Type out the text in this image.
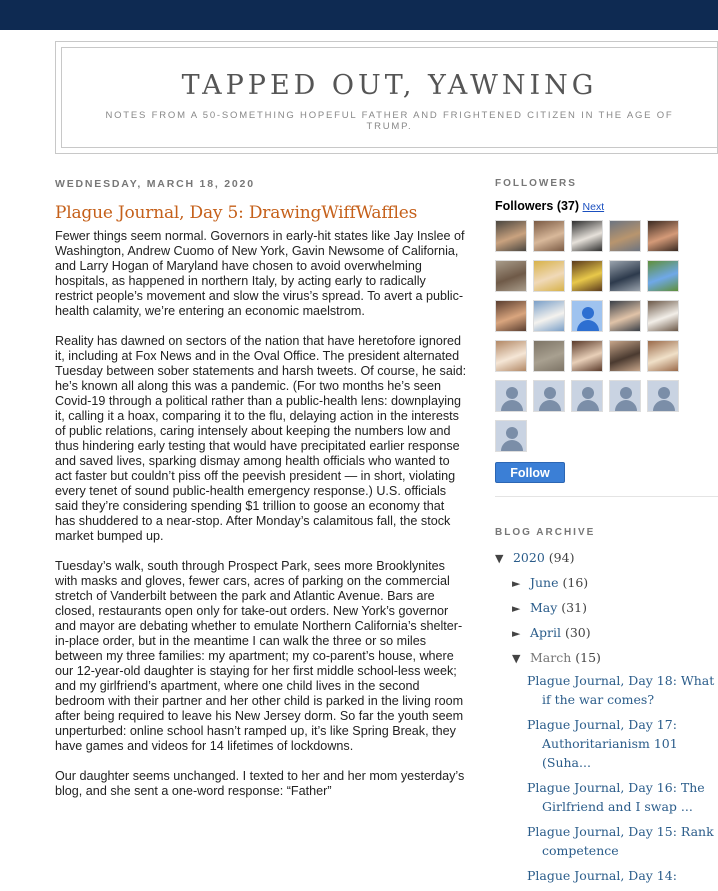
TAPPED OUT, YAWNING
NOTES FROM A 50-SOMETHING HOPEFUL FATHER AND FRIGHTENED CITIZEN IN THE AGE OF TRUMP.
WEDNESDAY, MARCH 18, 2020
Plague Journal, Day 5: DrawingWiffWaffles

Fewer things seem normal. Governors in early-hit states like Jay Inslee of Washington, Andrew Cuomo of New York, Gavin Newsome of California, and Larry Hogan of Maryland have chosen to avoid overwhelming hospitals, as happened in northern Italy, by acting early to radically restrict people’s movement and slow the virus’s spread. To avert a public-health calamity, we’re entering an economic maelstrom.

Reality has dawned on sectors of the nation that have heretofore ignored it, including at Fox News and in the Oval Office. The president alternated Tuesday between sober statements and harsh tweets. Of course, he said: he’s known all along this was a pandemic. (For two months he’s seen Covid-19 through a political rather than a public-health lens: downplaying it, calling it a hoax, comparing it to the flu, delaying action in the interests of public relations, caring intensely about keeping the numbers low and thus hindering early testing that would have precipitated earlier response and saved lives, sparking dismay among health officials who wanted to act faster but couldn’t piss off the peevish president — in short, violating every tenet of sound public-health emergency response.) U.S. officials said they’re considering spending $1 trillion to goose an economy that has shuddered to a near-stop. After Monday’s calamitous fall, the stock market bumped up.

Tuesday’s walk, south through Prospect Park, sees more Brooklynites with masks and gloves, fewer cars, acres of parking on the commercial stretch of Vanderbilt between the park and Atlantic Avenue. Bars are closed, restaurants open only for take-out orders. New York’s governor and mayor are debating whether to emulate Northern California’s shelter-in-place order, but in the meantime I can walk the three or so miles between my three families: my apartment; my co-parent’s house, where our 12-year-old daughter is staying for her first middle school-less week; and my girlfriend’s apartment, where one child lives in the second bedroom with their partner and her other child is parked in the living room after being required to leave his New Jersey dorm. So far the youth seem unperturbed: online school hasn’t ramped up, it’s like Spring Break, they have games and videos for 14 lifetimes of lockdowns.

Our daughter seems unchanged. I texted to her and her mom yesterday’s blog, and she sent a one-word response: “Father”

FOLLOWERS
Followers (37) Next
Follow
BLOG ARCHIVE
▼ 2020 (94)
► June (16)
► May (31)
► April (30)
▼ March (15)
Plague Journal, Day 18: What if the war comes?
Plague Journal, Day 17: Authoritarianism 101 (Suha...
Plague Journal, Day 16: The Girlfriend and I swap ...
Plague Journal, Day 15: Rank competence
Plague Journal, Day 14:
